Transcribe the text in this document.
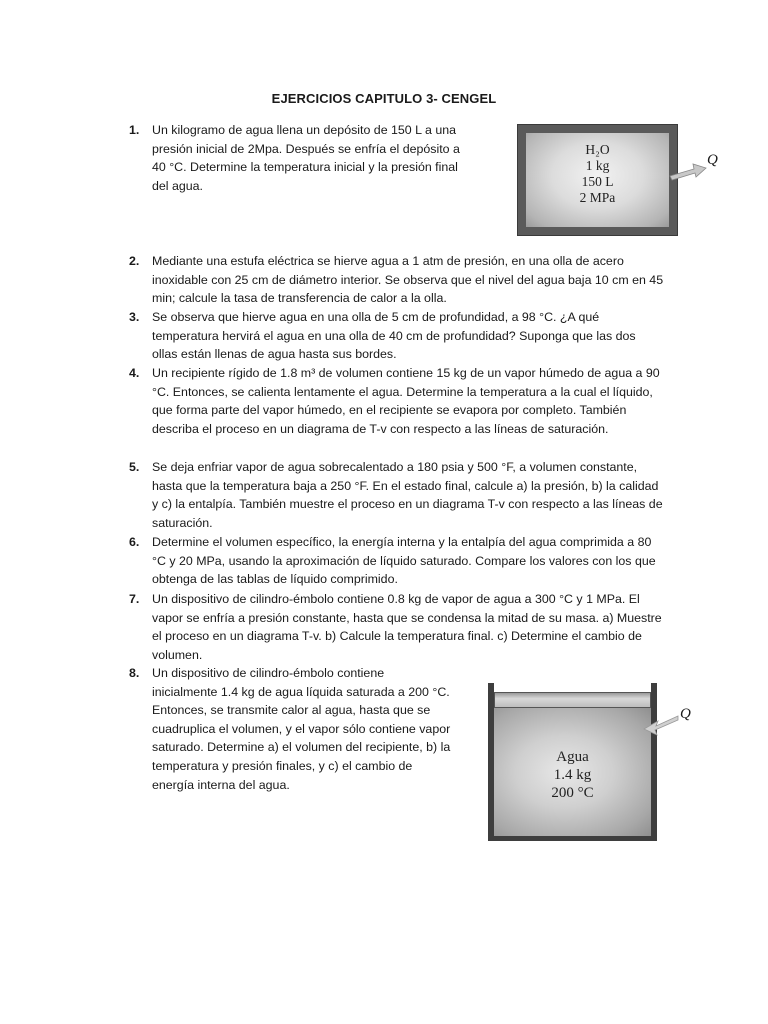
EJERCICIOS CAPITULO 3- CENGEL
1. Un kilogramo de agua llena un depósito de 150 L a una presión inicial de 2Mpa. Después se enfría el depósito a 40 °C. Determine la temperatura inicial y la presión final del agua.
H₂O
1 kg
150 L
2 MPa
Q
2. Mediante una estufa eléctrica se hierve agua a 1 atm de presión, en una olla de acero inoxidable con 25 cm de diámetro interior. Se observa que el nivel del agua baja 10 cm en 45 min; calcule la tasa de transferencia de calor a la olla.
3. Se observa que hierve agua en una olla de 5 cm de profundidad, a 98 °C. ¿A qué temperatura hervirá el agua en una olla de 40 cm de profundidad? Suponga que las dos ollas están llenas de agua hasta sus bordes.
4. Un recipiente rígido de 1.8 m³ de volumen contiene 15 kg de un vapor húmedo de agua a 90 °C. Entonces, se calienta lentamente el agua. Determine la temperatura a la cual el líquido, que forma parte del vapor húmedo, en el recipiente se evapora por completo. También describa el proceso en un diagrama de T-v con respecto a las líneas de saturación.
5. Se deja enfriar vapor de agua sobrecalentado a 180 psia y 500 °F, a volumen constante, hasta que la temperatura baja a 250 °F. En el estado final, calcule a) la presión, b) la calidad y c) la entalpía. También muestre el proceso en un diagrama T-v con respecto a las líneas de saturación.
6. Determine el volumen específico, la energía interna y la entalpía del agua comprimida a 80 °C y 20 MPa, usando la aproximación de líquido saturado. Compare los valores con los que obtenga de las tablas de líquido comprimido.
7. Un dispositivo de cilindro-émbolo contiene 0.8 kg de vapor de agua a 300 °C y 1 MPa. El vapor se enfría a presión constante, hasta que se condensa la mitad de su masa. a) Muestre el proceso en un diagrama T-v. b) Calcule la temperatura final. c) Determine el cambio de volumen.
8. Un dispositivo de cilindro-émbolo contiene inicialmente 1.4 kg de agua líquida saturada a 200 °C. Entonces, se transmite calor al agua, hasta que se cuadruplica el volumen, y el vapor sólo contiene vapor saturado. Determine a) el volumen del recipiente, b) la temperatura y presión finales, y c) el cambio de energía interna del agua.
Agua
1.4 kg
200 °C
Q
